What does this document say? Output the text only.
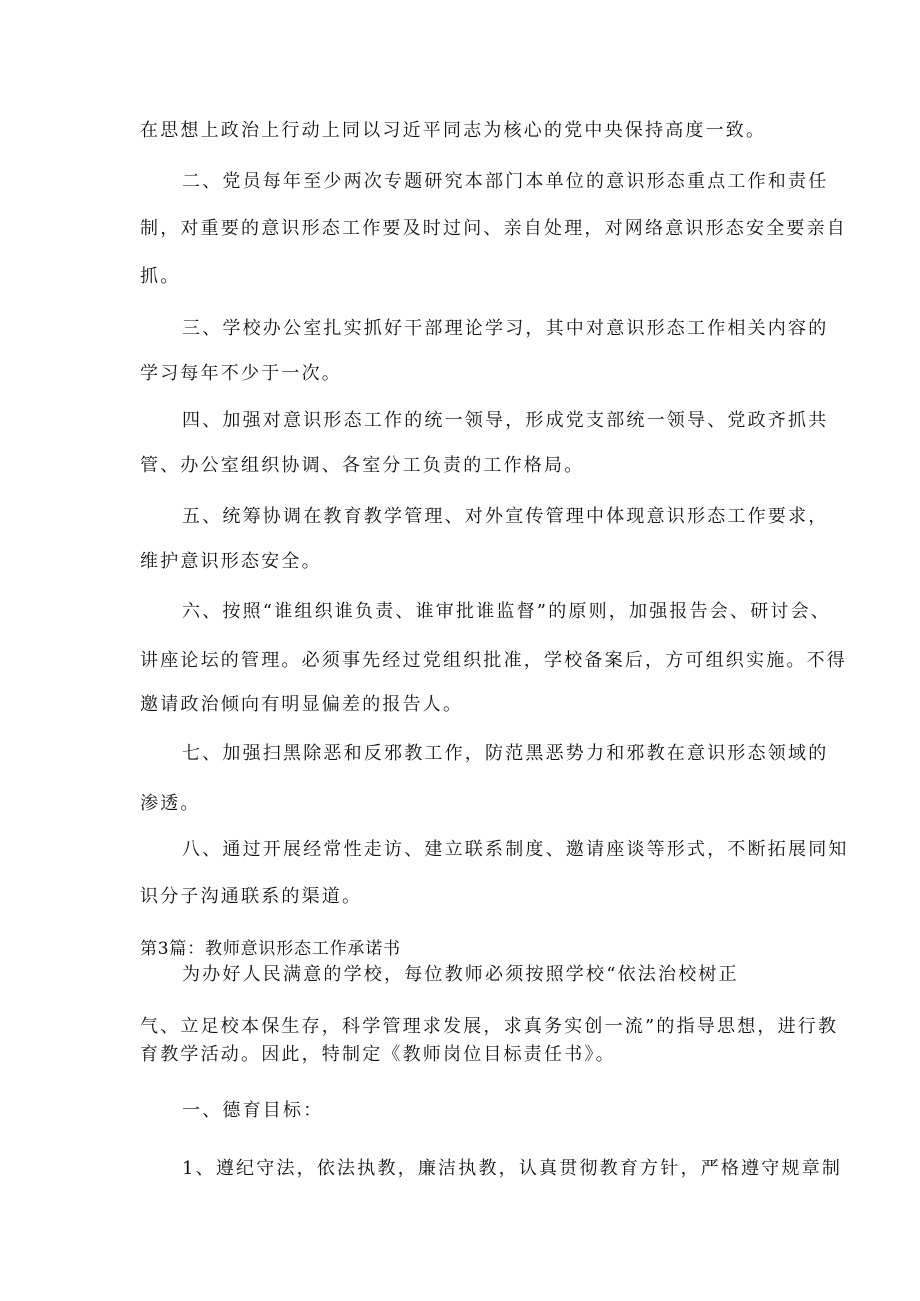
在思想上政治上行动上同以习近平同志为核心的党中央保持高度一致。
二、党员每年至少两次专题研究本部门本单位的意识形态重点工作和责任
制，对重要的意识形态工作要及时过问、亲自处理，对网络意识形态安全要亲自
抓。
三、学校办公室扎实抓好干部理论学习，其中对意识形态工作相关内容的
学习每年不少于一次。
四、加强对意识形态工作的统一领导，形成党支部统一领导、党政齐抓共
管、办公室组织协调、各室分工负责的工作格局。
五、统筹协调在教育教学管理、对外宣传管理中体现意识形态工作要求，
维护意识形态安全。
六、按照“谁组织谁负责、谁审批谁监督”的原则，加强报告会、研讨会、
讲座论坛的管理。必须事先经过党组织批准，学校备案后，方可组织实施。不得
邀请政治倾向有明显偏差的报告人。
七、加强扫黑除恶和反邪教工作，防范黑恶势力和邪教在意识形态领域的
渗透。
八、通过开展经常性走访、建立联系制度、邀请座谈等形式，不断拓展同知
识分子沟通联系的渠道。
第3篇：教师意识形态工作承诺书
为办好人民满意的学校，每位教师必须按照学校“依法治校树正
气、立足校本保生存，科学管理求发展，求真务实创一流”的指导思想，进行教
育教学活动。因此，特制定《教师岗位目标责任书》。
一、德育目标：
1、遵纪守法，依法执教，廉洁执教，认真贯彻教育方针，严格遵守规章制
